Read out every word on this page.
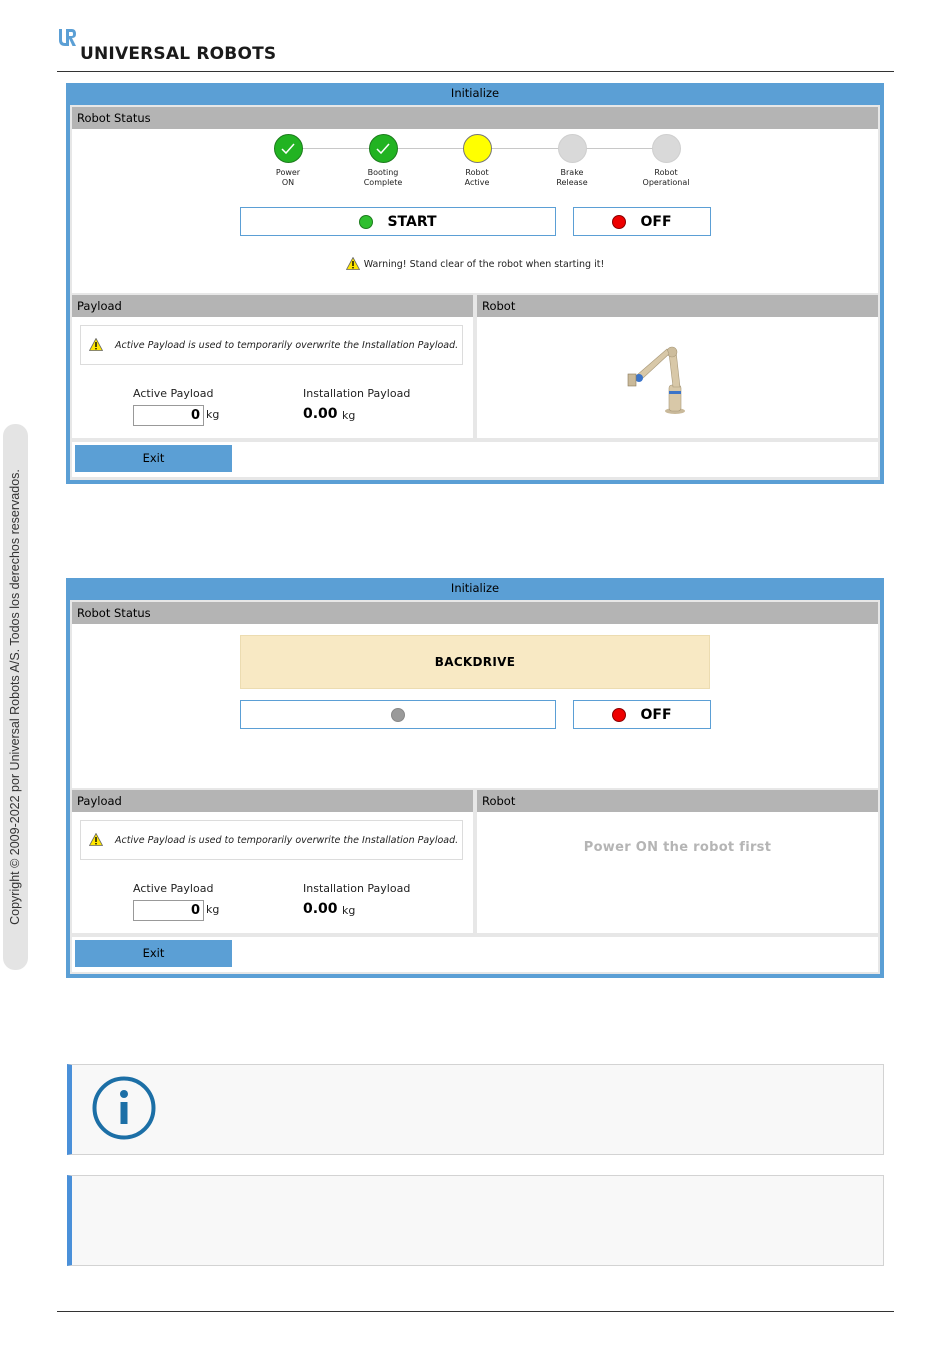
UNIVERSAL ROBOTS
Copyright © 2009-2022 por Universal Robots A/S. Todos los derechos reservados.
Initialize
Robot Status
Power
ON
Booting
Complete
Robot
Active
Brake
Release
Robot
Operational
START	OFF
Warning! Stand clear of the robot when starting it!
Payload
Active Payload is used to temporarily overwrite the Installation Payload.
Active Payload
0 kg
Installation Payload
0.00 kg
Robot
Exit
Initialize
Robot Status
BACKDRIVE
OFF
Payload
Active Payload is used to temporarily overwrite the Installation Payload.
Active Payload
0 kg
Installation Payload
0.00 kg
Robot
Power ON the robot first
Exit
